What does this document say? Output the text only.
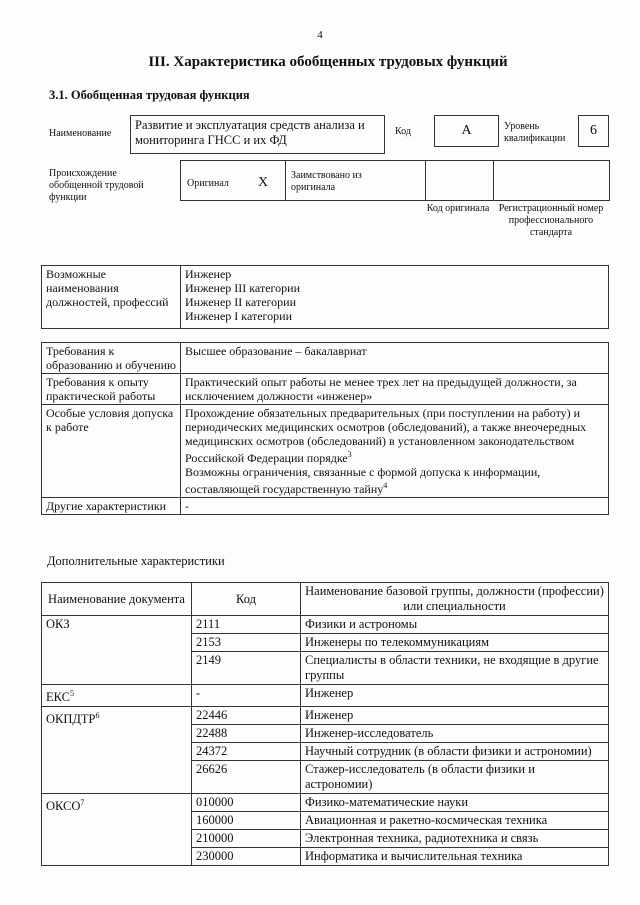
4
III. Характеристика обобщенных трудовых функций
3.1. Обобщенная трудовая функция
Наименование
Развитие и эксплуатация средств анализа и мониторинга ГНСС и их ФД
Код	A	Уровень квалификации
6
Происхождение обобщенной трудовой функции
Оригинал X Заимствовано из оригинала
Код оригинала Регистрационный номер профессионального стандарта
Возможные наименования должностей, профессий	
Инженер
Инженер III категории
Инженер II категории
Инженер I категории
Требования к образованию и обучению	Высшее образование – бакалавриат
Требования к опыту практической работы	Практический опыт работы не менее трех лет на предыдущей должности, за исключением должности «инженер»
Особые условия допуска к работе	Прохождение обязательных предварительных (при поступлении на работу) и периодических медицинских осмотров (обследований), а также внеочередных медицинских осмотров (обследований) в установленном законодательством Российской Федерации порядке$^3$
Возможны ограничения, связанные с формой допуска к информации, составляющей государственную тайну$^4$
Другие характеристики	-
Дополнительные характеристики
Наименование документа	Код	Наименование базовой группы, должности (профессии) или специальности
ОКЗ	2111	Физики и астрономы
	2153	Инженеры по телекоммуникациям
	2149	Специалисты в области техники, не входящие в другие группы
ЕКС$^5$	-	Инженер
ОКПДТР$^6$	22446	Инженер
	22488	Инженер-исследователь
	24372	Научный сотрудник (в области физики и астрономии)
	26626	Стажер-исследователь (в области физики и астрономии)
ОКСО$^7$	010000	Физико-математические науки
	160000	Авиационная и ракетно-космическая техника
	210000	Электронная техника, радиотехника и связь
	230000	Информатика и вычислительная техника
